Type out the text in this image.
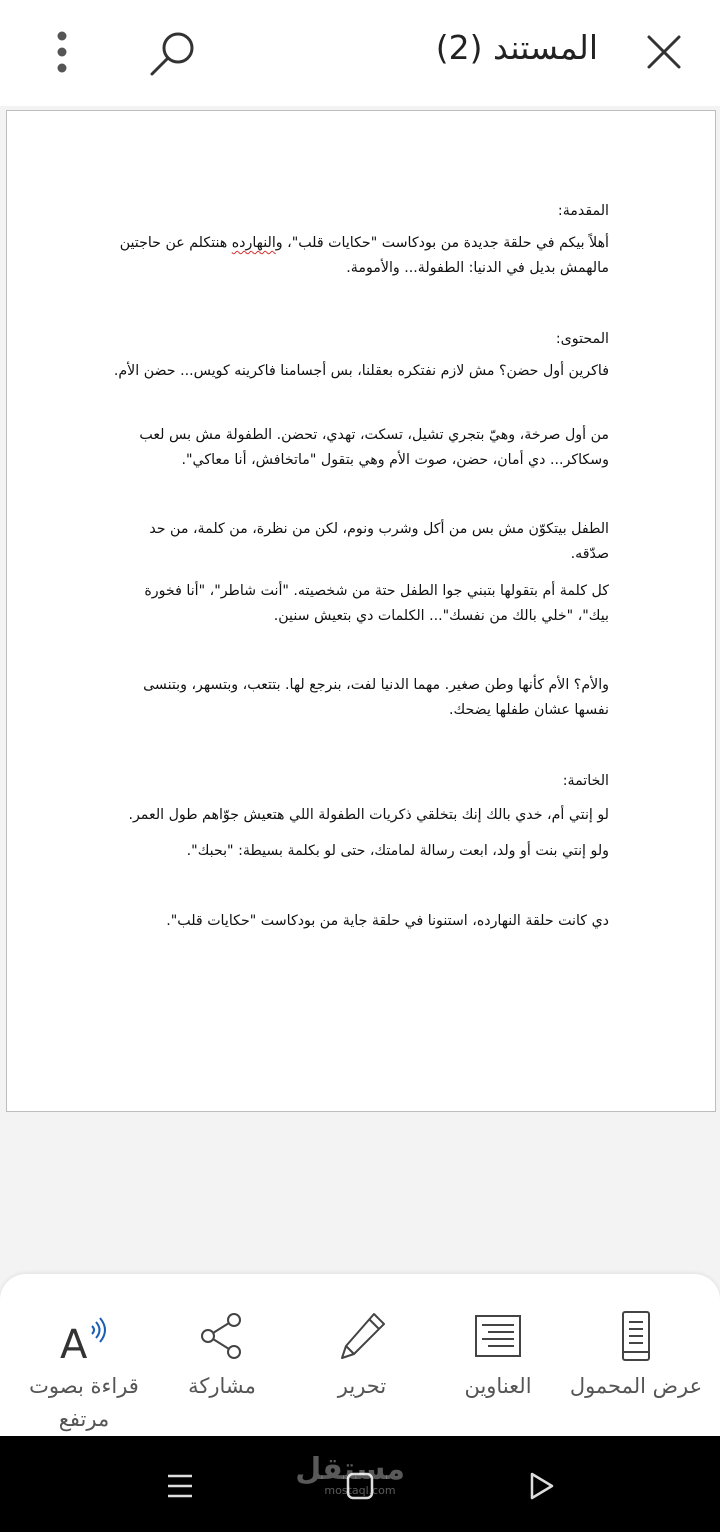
المستند (2)
المقدمة:
أهلاً بيكم في حلقة جديدة من بودكاست "حكايات قلب"، والنهارده هنتكلم عن حاجتين مالهمش بديل في الدنيا: الطفولة... والأمومة.
المحتوى:
فاكرين أول حضن؟ مش لازم نفتكره بعقلنا، بس أجسامنا فاكرينه كويس... حضن الأم.
من أول صرخة، وهيّ بتجري تشيل، تسكت، تهدي، تحضن. الطفولة مش بس لعب وسكاكر... دي أمان، حضن، صوت الأم وهي بتقول "ماتخافش، أنا معاكي".
الطفل بيتكوّن مش بس من أكل وشرب ونوم، لكن من نظرة، من كلمة، من حد صدّقه.
كل كلمة أم بتقولها بتبني جوا الطفل حتة من شخصيته. "أنت شاطر"، "أنا فخورة بيك"، "خلي بالك من نفسك"... الكلمات دي بتعيش سنين.
والأم؟ الأم كأنها وطن صغير. مهما الدنيا لفت، بنرجع لها. بتتعب، وبتسهر، وبتنسى نفسها عشان طفلها يضحك.
الخاتمة:
لو إنتي أم، خدي بالك إنك بتخلقي ذكريات الطفولة اللي هتعيش جوّاهم طول العمر.
ولو إنتي بنت أو ولد، ابعت رسالة لمامتك، حتى لو بكلمة بسيطة: "بحبك".
دي كانت حلقة النهارده، استنونا في حلقة جاية من بودكاست "حكايات قلب".
عرض المحمول
العناوين
تحرير
مشاركة
A
قراءة بصوت
مرتفع
مستقل
mostaql.com
